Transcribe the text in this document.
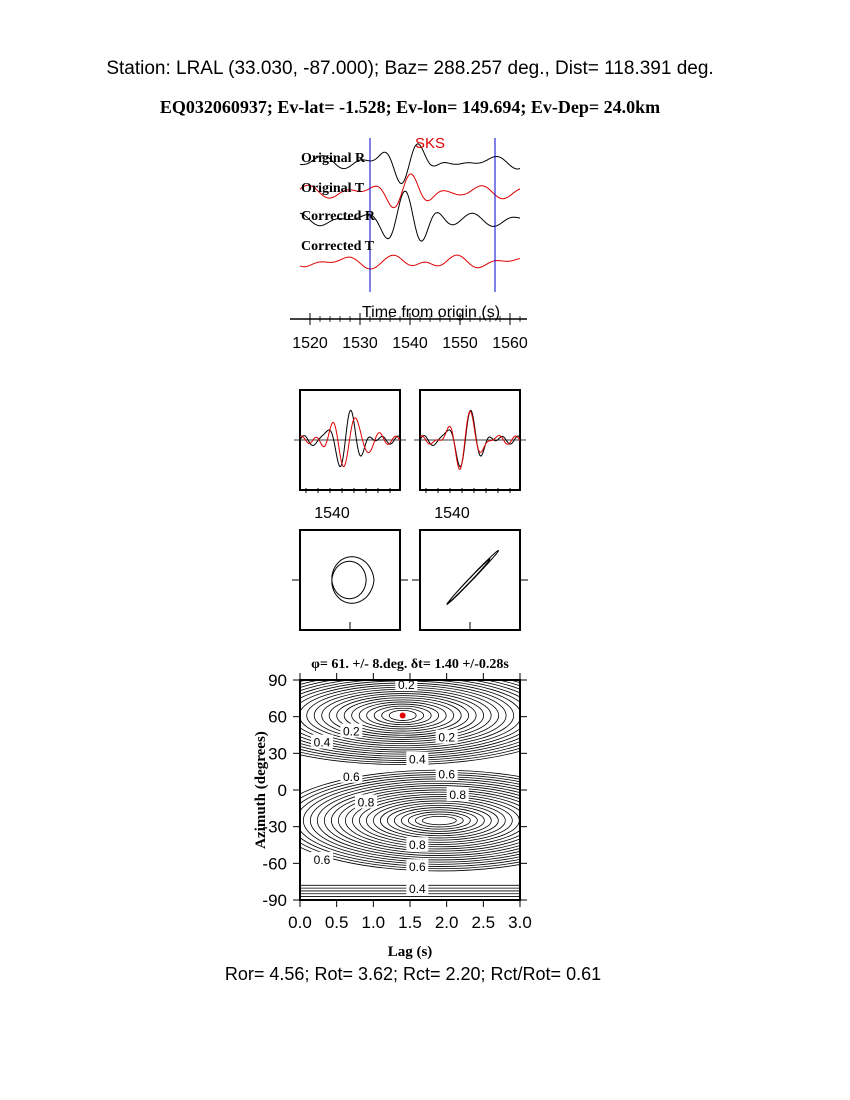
Station: LRAL (33.030, -87.000); Baz= 288.257 deg., Dist= 118.391 deg.
EQ032060937; Ev-lat= -1.528; Ev-lon= 149.694; Ev-Dep= 24.0km
SKS
Original R
Original T
Corrected R
Corrected T
Time from origin (s)
1520 1530 1540 1550 1560
1540	1540
φ= 61. +/- 8.deg. δt= 1.40 +/-0.28s
0.2
0.2
0.4	0.2
0.4
0.6	0.6
0.8
0.8
0.8
0.6
0.6
0.4
0.0 0.5 1.0 1.5 2.0 2.5 3.0
90
60
30
0
-30
-60
-90
Lag (s)
Azimuth (degrees)
Ror= 4.56; Rot= 3.62; Rct= 2.20; Rct/Rot= 0.61
